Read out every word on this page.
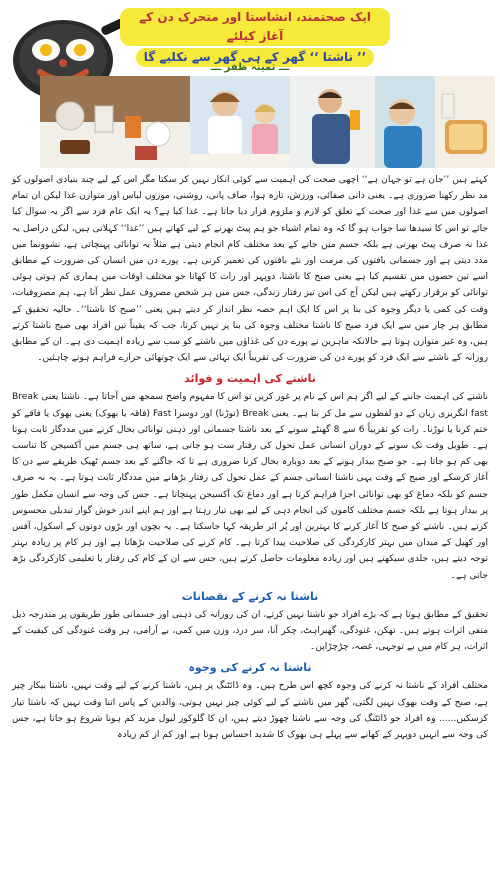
ایک صحتمند، انشاستا اور متحرک دن کے آغاز کیلئے
’’ ناشتا ‘‘ گھر کے ہی گھر سے نکلیے گا
ـــ ثمینہ ظفر ـــ

کہتے ہیں ’’جان ہے تو جہان ہے‘‘ اچھی صحت کی اہمیت سے کوئی انکار نہیں کر سکتا مگر اس کے لیے چند بنیادی اصولوں کو مد نظر رکھنا ضروری ہے۔ یعنی ذاتی صفائی، ورزش، تازہ ہوا، صاف پانی، روشنی، موزوں لباس اور متوازن غذا لیکن ان تمام اصولوں میں سے غذا اور صحت کے تعلق کو لازم و ملزوم قرار دیا جاتا ہے۔ غذا کیا ہے؟ یہ ایک عام فرد سے اگر یہ سوال کیا جائے تو اس کا سیدھا سا جواب ہو گا کہ وہ تمام اشیاء جو ہم پیٹ بھرنے کے لیے کھاتے ہیں ’’غذا‘‘ کہلاتی ہیں، لیکن دراصل یہ غذا نہ صرف پیٹ بھرتی ہے بلکہ جسم میں جانے کے بعد مختلف کام انجام دیتی ہے مثلاً یہ توانائی پہنچاتی ہے، نشوونما میں مدد دیتی ہے اور جسمانی بافتوں کی مرمت اور نئے بافتوں کی تعمیر کرتی ہے۔ پورے دن میں انسان کی ضرورت کے مطابق اسے تین حصوں میں تقسیم کیا ہے یعنی صبح کا ناشتا، دوپہر اور رات کا کھانا جو مختلف اوقات میں ہماری کم ہوتی ہوئی توانائی کو برقرار رکھتے ہیں لیکن آج کی اس تیز رفتار زندگی، جس میں ہر شخص مصروف عمل نظر آتا ہے، ہم مصروفیات، وقت کی کمی یا دیگر وجوہ کی بنا پر اس کا ایک اہم حصہ نظر انداز کر دیتے ہیں یعنی ’’صبح کا ناشتا‘‘۔ حالیہ تحقیق کے مطابق ہر چار میں سے ایک فرد صبح کا ناشتا مختلف وجوہ کی بنا پر نہیں کرتا، جب کہ یقیناً تین افراد بھی صبح ناشتا کرتے ہیں، وہ غیر متوازن ہوتا ہے حالانکہ ماہرین نے پورے دن کی غذاؤں میں ناشتے کو سب سے زیادہ اہمیت دی ہے۔ ان کے مطابق روزانہ کے ناشتے سے ایک فرد کو پورے دن کی ضرورت کی تقریباً ایک تہائی سے ایک چوتھائی حرارے فراہم ہونے چاہئیں۔

ناشتے کی اہمیت و فوائد

ناشتے کی اہمیت جاننے کے لیے اگر ہم اس کے نام پر غور کریں تو اس کا مفہوم واضح سمجھ میں آجاتا ہے۔ ناشتا یعنی Break fast انگریزی زبان کے دو لفظوں سے مل کر بنا ہے۔ یعنی Break (توڑنا) اور دوسرا Fast (فاقہ یا بھوک) یعنی بھوک یا فاقے کو ختم کرنا یا توڑنا۔ رات کو تقریباً 6 سے 8 گھنٹے سونے کے بعد ناشتا جسمانی اور ذہنی توانائی بحال کرنے میں مددگار ثابت ہوتا ہے۔ طویل وقت تک سونے کے دوران انسانی عمل تحول کی رفتار ست ہو جاتی ہے، ساتھ ہی جسم میں آکسیجن کا تناسب بھی کم ہو جاتا ہے۔ جو صبح بیدار ہونے کے بعد دوبارہ بحال کرنا ضروری ہے تا کہ جاگنے کے بعد جسم ٹھیک طریقے سے دن کا آغاز کرسکے اور صبح کے وقت یہی ناشتا انسانی جسم کے عمل تحول کی رفتار بڑھانے میں مددگار ثابت ہوتا ہے۔ یہ نہ صرف جسم کو بلکہ دماغ کو بھی توانائی اجزا فراہم کرتا ہے اور دماغ تک آکسیجن پہنچاتا ہے۔ جس کی وجہ سے انسان مکمل طور پر بیدار ہوتا ہے بلکہ جسم مختلف کاموں کی انجام دہی کے لیے بھی تیار رہتا ہے اور ہم اپنے اندر خوش گوار تبدیلی محسوس کرتے ہیں۔ ناشتے کو صبح کا آغاز کرنے کا بہترین اور پُر اثر طریقہ کہا جاسکتا ہے۔ یہ بچوں اور بڑوں دونوں کے اسکول، آفس اور کھیل کے میدان میں بہتر کارکردگی کی صلاحیت پیدا کرتا ہے۔ کام کرنے کی صلاحیت بڑھاتا ہے اور ہر کام پر زیادہ بہتر توجہ دیتے ہیں، جلدی سیکھتے ہیں اور زیادہ معلومات حاصل کرتے ہیں، جس سے ان کے کام کی رفتار یا تعلیمی کارکردگی بڑھ جاتی ہے۔

ناشتا نہ کرنے کے نقصانات

تحقیق کے مطابق ہوتا ہے کہ بڑے افراد جو ناشتا نہیں کرتے، ان کی روزانہ کی ذہنی اور جسمانی طور طریقوں پر مندرجہ ذیل منفی اثرات ہوتے ہیں۔ تھکن، غنودگی، گھبراہٹ، چکر آنا، سر درد، وزن میں کمی، بے آرامی، ہر وقت غنودگی کی کیفیت کے اثرات، ہر کام میں بے توجہی، غصہ، چڑچڑاپن۔

ناشتا نہ کرنے کی وجوہ

مختلف افراد کے ناشتا نہ کرنے کی وجوہ کچھ اس طرح ہیں۔ وہ ڈائٹنگ پر ہیں، ناشتا کرنے کے لیے وقت نہیں، ناشتا بیکار چیز ہے، صبح کے وقت بھوک نہیں لگتی، گھر میں ناشتے کے لیے کوئی چیز نہیں ہوتی، والدین کے پاس اتنا وقت نہیں کہ ناشتا تیار کرسکیں...... وہ افراد جو ڈائٹنگ کی وجہ سے ناشتا چھوڑ دیتے ہیں، ان کا گلوکوز لیول مزید کم ہونا شروع ہو جاتا ہے، جس کی وجہ سے انہیں دوپہر کے کھانے سے پہلے ہی بھوک کا شدید احساس ہوتا ہے اور کم از کم زیادہ
